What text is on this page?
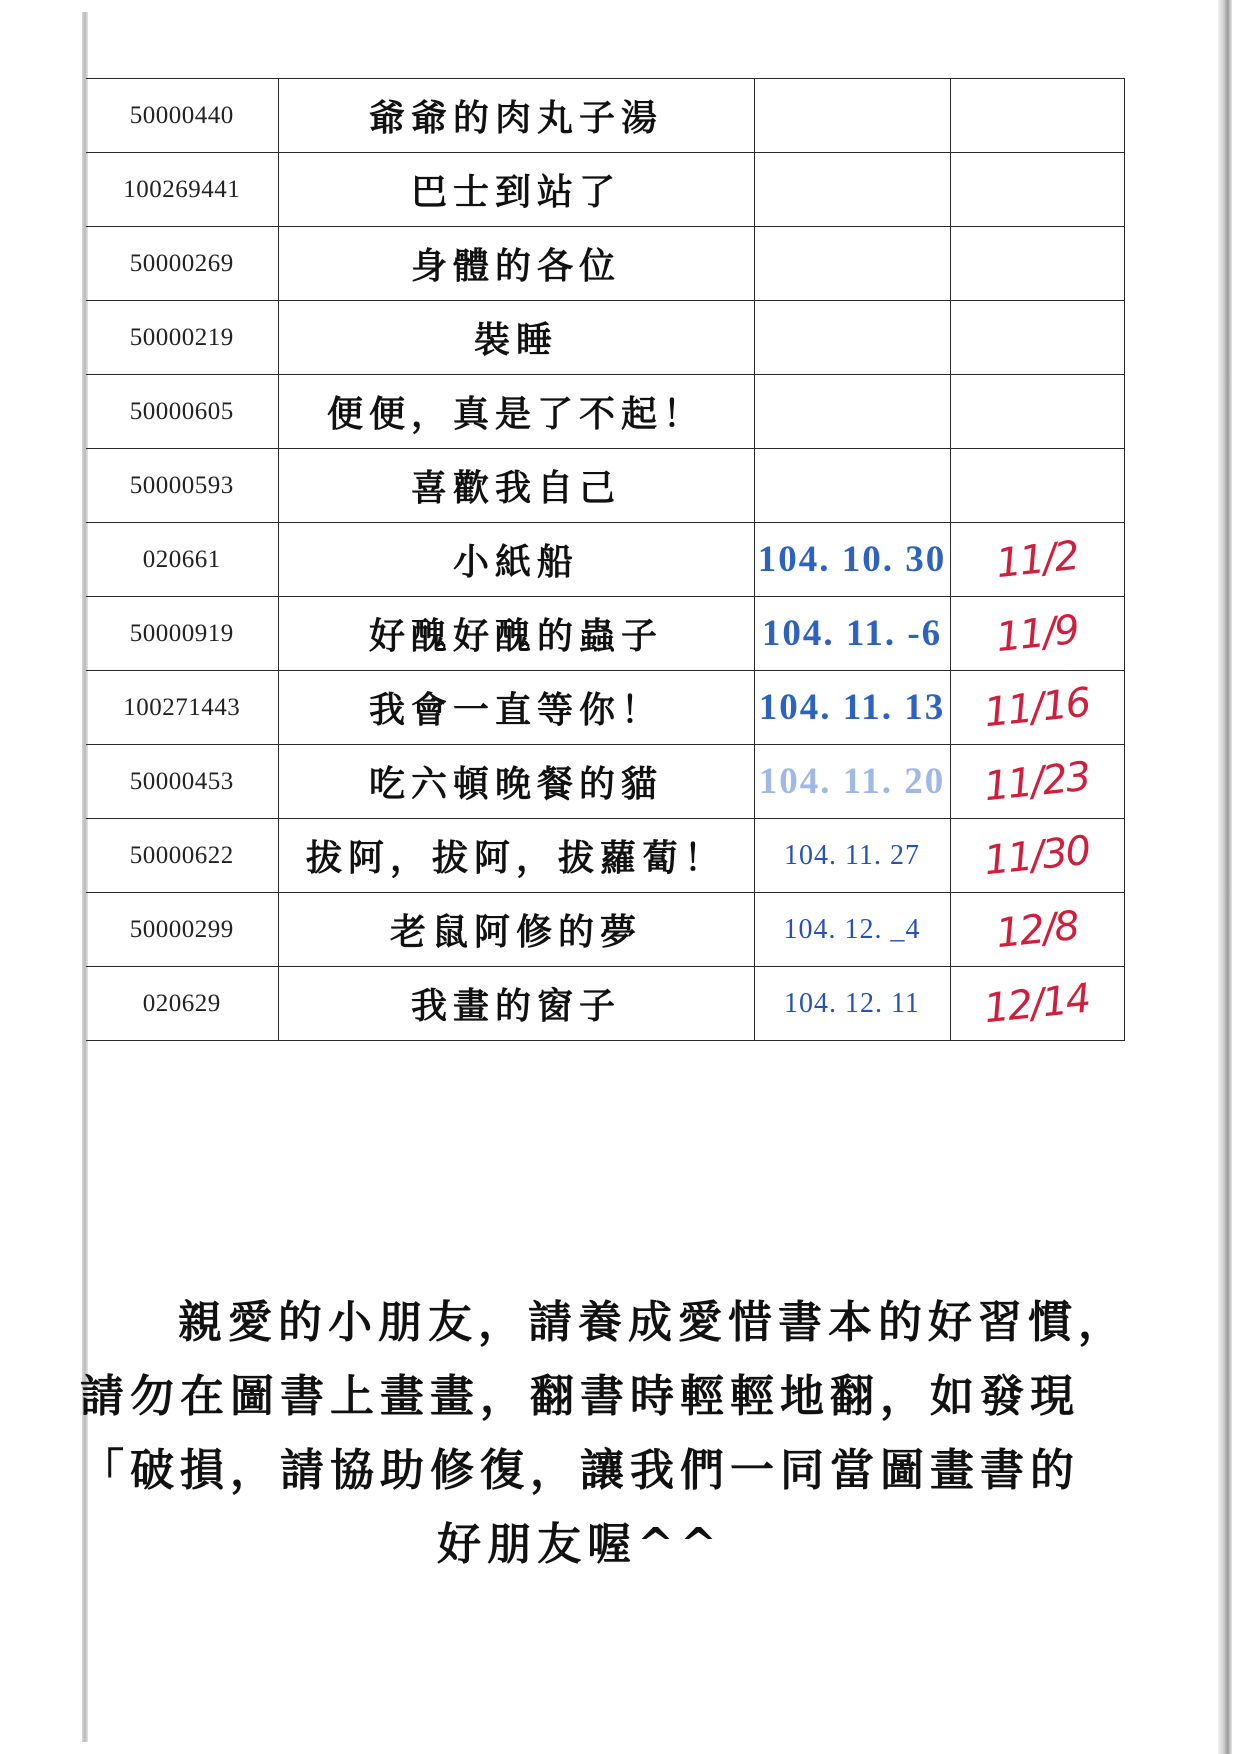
50000440	爺爺的肉丸子湯		
100269441	巴士到站了		
50000269	身體的各位		
50000219	裝睡		
50000605	便便，真是了不起！		
50000593	喜歡我自己		
020661	小紙船	104. 10. 30	11/2
50000919	好醜好醜的蟲子	104. 11. -6	11/9
100271443	我會一直等你！	104. 11. 13	11/16
50000453	吃六頓晚餐的貓	104. 11. 20	11/23
50000622	拔阿，拔阿，拔蘿蔔！	104. 11. 27	11/30
50000299	老鼠阿修的夢	104. 12. _4	12/8
020629	我畫的窗子	104. 12. 11	12/14
親愛的小朋友，請養成愛惜書本的好習慣，
請勿在圖書上畫畫，翻書時輕輕地翻，如發現
「破損，請協助修復，讓我們一同當圖畫書的
好朋友喔^^
